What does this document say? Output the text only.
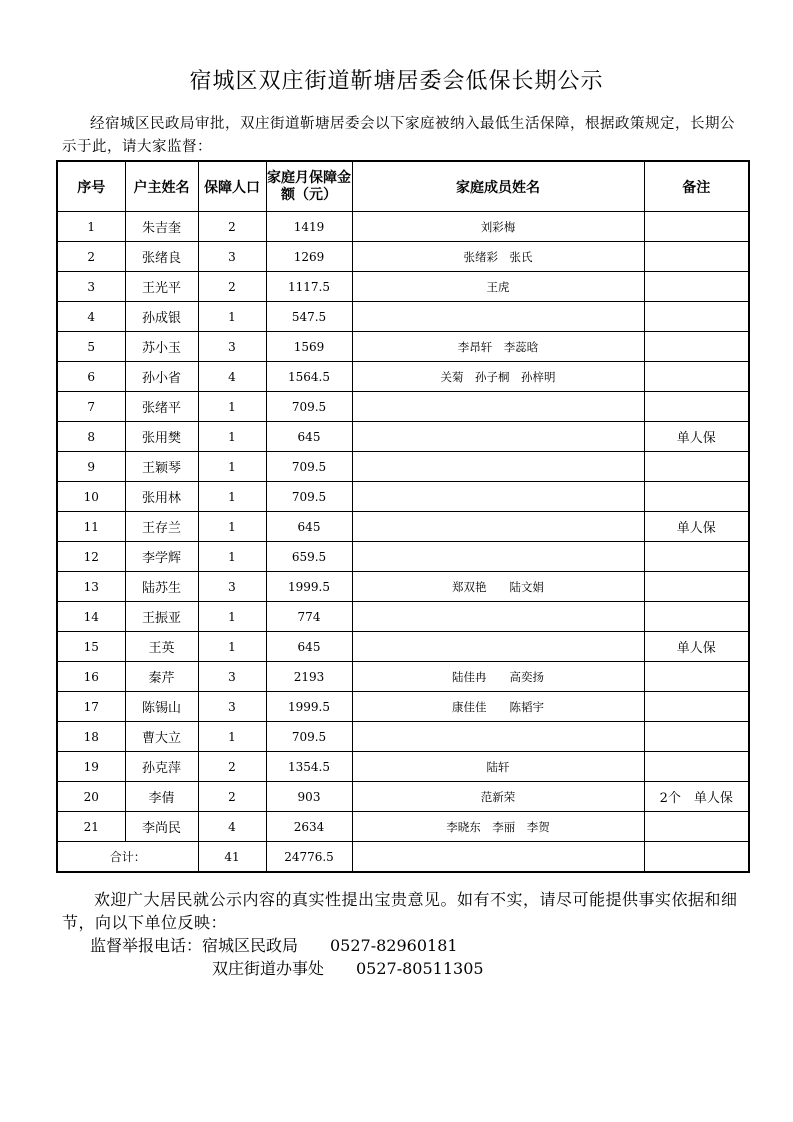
宿城区双庄街道靳塘居委会低保长期公示
经宿城区民政局审批，双庄街道靳塘居委会以下家庭被纳入最低生活保障，根据政策规定，长期公示于此，请大家监督：
序号	户主姓名	保障人口	家庭月保障金额（元）	家庭成员姓名	备注
1	朱吉奎	2	1419	刘彩梅	
2	张绪良	3	1269	张绪彩　张氏	
3	王光平	2	1117.5	王虎	
4	孙成银	1	547.5		
5	苏小玉	3	1569	李昂轩　李蕊晗	
6	孙小省	4	1564.5	关菊　孙子桐　孙梓明	
7	张绪平	1	709.5		
8	张用樊	1	645		单人保
9	王颖琴	1	709.5		
10	张用林	1	709.5		
11	王存兰	1	645		单人保
12	李学辉	1	659.5		
13	陆苏生	3	1999.5	郑双艳　　陆文娟	
14	王振亚	1	774		
15	王英	1	645		单人保
16	秦芹	3	2193	陆佳冉　　高奕扬	
17	陈锡山	3	1999.5	康佳佳　　陈韬宇	
18	曹大立	1	709.5		
19	孙克萍	2	1354.5	陆轩	
20	李倩	2	903	范新荣	2个　单人保
21	李尚民	4	2634	李晓东　李丽　李贺	
合计：		41	24776.5		
欢迎广大居民就公示内容的真实性提出宝贵意见。如有不实，请尽可能提供事实依据和细节，向以下单位反映：
监督举报电话：宿城区民政局　　0527-82960181
双庄街道办事处　　0527-80511305
